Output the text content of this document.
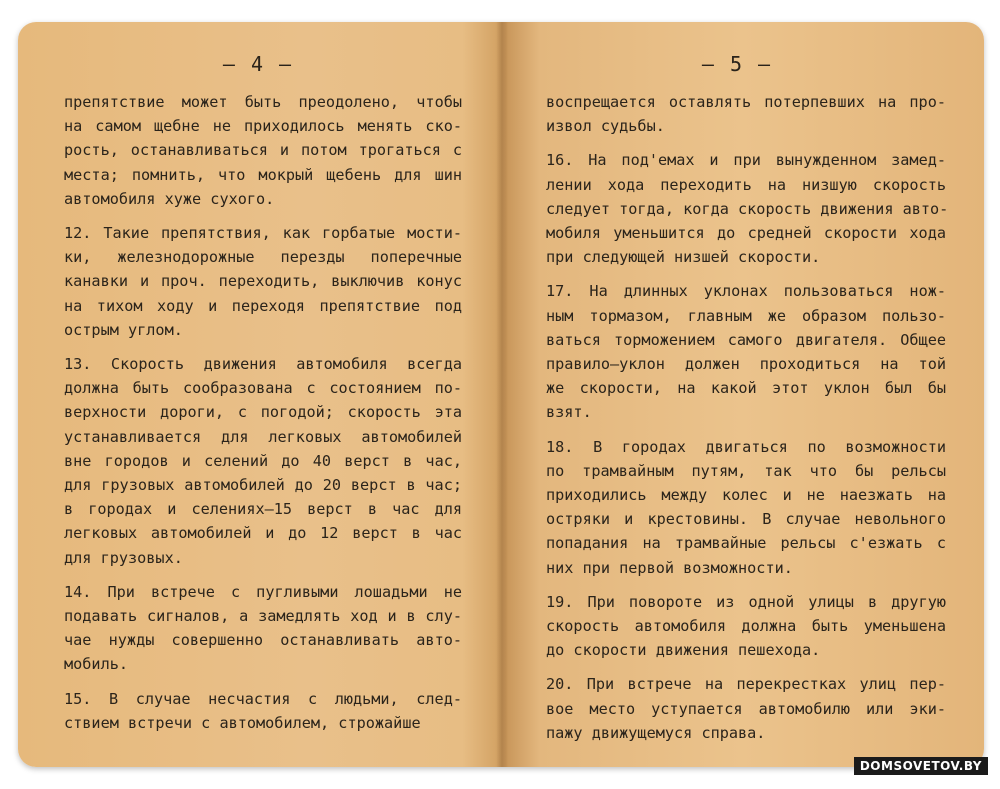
— 4 —
препятствие может быть преодолено, чтобы
на самом щебне не приходилось менять ско-
рость, останавливаться и потом трогаться с
места; помнить, что мокрый щебень для шин
автомобиля хуже сухого.
12. Такие препятствия, как горбатые мости-
ки, железнодорожные перезды поперечные
канавки и проч. переходить, выключив конус
на тихом ходу и переходя препятствие под
острым углом.
13. Скорость движения автомобиля всегда
должна быть сообразована с состоянием по-
верхности дороги, с погодой; скорость эта
устанавливается для легковых автомобилей
вне городов и селений до 40 верст в час,
для грузовых автомобилей до 20 верст в час;
в городах и селениях—15 верст в час для
легковых автомобилей и до 12 верст в час
для грузовых.
14. При встрече с пугливыми лошадьми не
подавать сигналов, а замедлять ход и в слу-
чае нужды совершенно останавливать авто-
мобиль.
15. В случае несчастия с людьми, след-
ствием встречи с автомобилем, строжайше
— 5 —
воспрещается оставлять потерпевших на про-
извол судьбы.
16. На под'емах и при вынужденном замед-
лении хода переходить на низшую скорость
следует тогда, когда скорость движения авто-
мобиля уменьшится до средней скорости хода
при следующей низшей скорости.
17. На длинных уклонах пользоваться нож-
ным тормазом, главным же образом пользо-
ваться торможением самого двигателя. Общее
правило—уклон должен проходиться на той
же скорости, на какой этот уклон был бы
взят.
18. В городах двигаться по возможности
по трамвайным путям, так что бы рельсы
приходились между колес и не наезжать на
остряки и крестовины. В случае невольного
попадания на трамвайные рельсы с'езжать с
них при первой возможности.
19. При повороте из одной улицы в другую
скорость автомобиля должна быть уменьшена
до скорости движения пешехода.
20. При встрече на перекрестках улиц пер-
вое место уступается автомобилю или эки-
пажу движущемуся справа.
DOMSOVETOV.BY
